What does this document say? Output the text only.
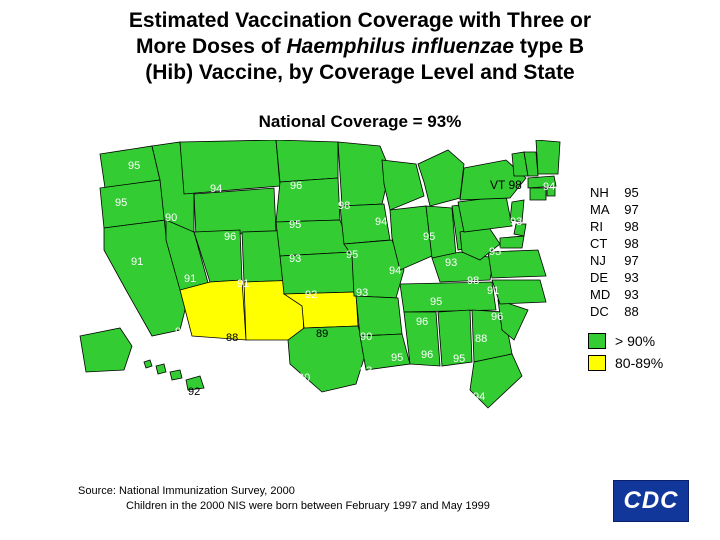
Estimated Vaccination Coverage with Three or
More Doses of Haemphilus influenzae type B
(Hib) Vaccine, by Coverage Level and State
National Coverage = 93%
95
94	96
98
95
90
96
95	94	93
95
93
91
91	91
95
94 93
93
95
98
91
92	93
95
96
90	88	89	90
96
88
95 96 95
93
90
94
90
92
94
VT 98	NH	95
MA	97
RI	98
CT	98
NJ	97
DE	93
MD	93
DC	88
> 90%
80-89%
Source: National Immunization Survey, 2000
Children in the 2000 NIS were born between February 1997 and May 1999	CDC
